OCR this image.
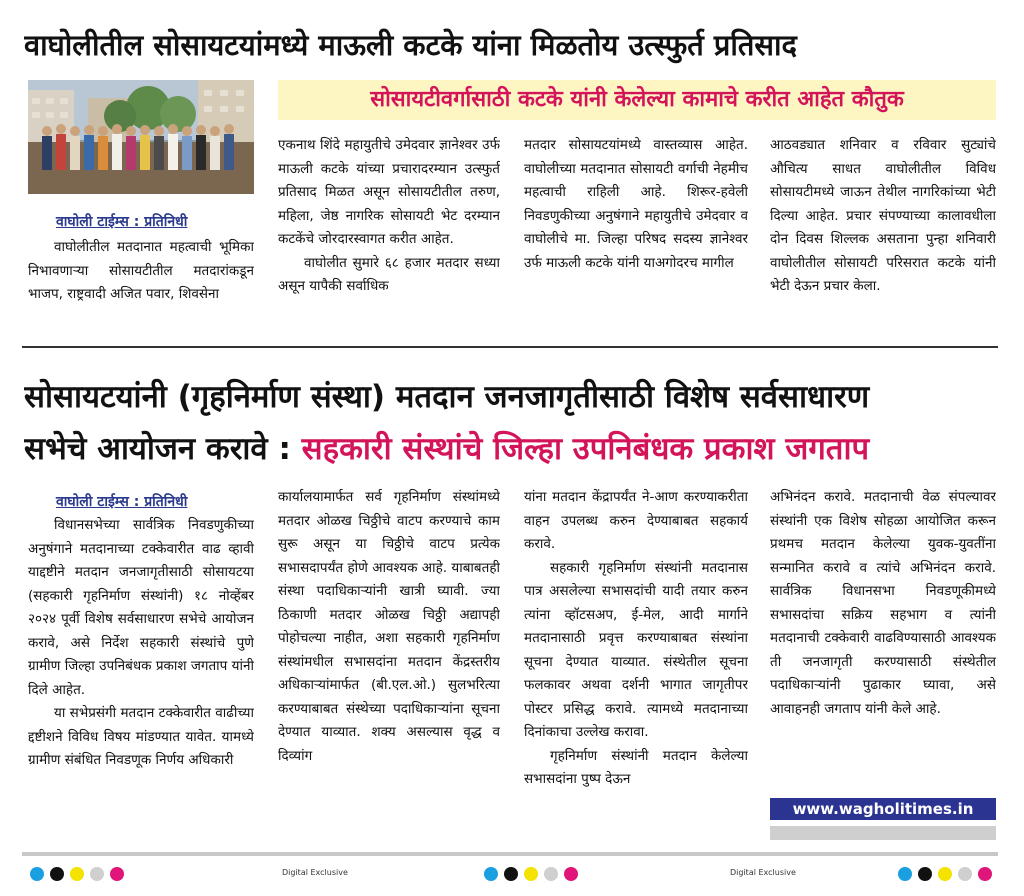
वाघोलीतील सोसायटयांमध्ये माऊली कटके यांना मिळतोय उत्स्फुर्त प्रतिसाद
सोसायटीवर्गासाठी कटके यांनी केलेल्या कामाचे करीत आहेत कौतुक
वाघोली टाईम्स : प्रतिनिधी

वाघोलीतील मतदानात महत्वाची भूमिका निभावणाऱ्या सोसायटीतील मतदारांकडून भाजप, राष्ट्रवादी अजित पवार, शिवसेना

एकनाथ शिंदे महायुतीचे उमेदवार ज्ञानेश्वर उर्फ माऊली कटके यांच्या प्रचारादरम्यान उत्स्फुर्त प्रतिसाद मिळत असून सोसायटीतील तरुण, महिला, जेष्ठ नागरिक सोसायटी भेट दरम्यान कटकेंचे जोरदारस्वागत करीत आहेत.

वाघोलीत सुमारे ६८ हजार मतदार सध्या असून यापैकी सर्वाधिक

मतदार सोसायटयांमध्ये वास्तव्यास आहेत. वाघोलीच्या मतदानात सोसायटी वर्गाची नेहमीच महत्वाची राहिली आहे. शिरूर-हवेली निवडणुकीच्या अनुषंगाने महायुतीचे उमेदवार व वाघोलीचे मा. जिल्हा परिषद सदस्य ज्ञानेश्वर उर्फ माऊली कटके यांनी याअगोदरच मागील

आठवड्यात शनिवार व रविवार सुट्यांचे औचित्य साधत वाघोलीतील विविध सोसायटीमध्ये जाऊन तेथील नागरिकांच्या भेटी दिल्या आहेत. प्रचार संपण्याच्या कालावधीला दोन दिवस शिल्लक असताना पुन्हा शनिवारी वाघोलीतील सोसायटी परिसरात कटके यांनी भेटी देऊन प्रचार केला.

सोसायटयांनी (गृहनिर्माण संस्था) मतदान जनजागृतीसाठी विशेष सर्वसाधारण
सभेचे आयोजन करावे : सहकारी संस्थांचे जिल्हा उपनिबंधक प्रकाश जगताप
वाघोली टाईम्स : प्रतिनिधी

विधानसभेच्या सार्वत्रिक निवडणुकीच्या अनुषंगाने मतदानाच्या टक्केवारीत वाढ व्हावी याद्दष्टीने मतदान जनजागृतीसाठी सोसायटया (सहकारी गृहनिर्माण संस्थांनी) १८ नोव्हेंबर २०२४ पूर्वी विशेष सर्वसाधारण सभेचे आयोजन करावे, असे निर्देश सहकारी संस्थांचे पुणे ग्रामीण जिल्हा उपनिबंधक प्रकाश जगताप यांनी दिले आहेत.

या सभेप्रसंगी मतदान टक्केवारीत वाढीच्या द्दष्टीशने विविध विषय मांडण्यात यावेत. यामध्ये ग्रामीण संबंधित निवडणूक निर्णय अधिकारी

कार्यालयामार्फत सर्व गृहनिर्माण संस्थांमध्ये मतदार ओळख चिठ्ठीचे वाटप करण्याचे काम सुरू असून या चिठ्ठीचे वाटप प्रत्येक सभासदापर्यंत होणे आवश्यक आहे. याबाबतही संस्था पदाधिकाऱ्यांनी खात्री घ्यावी. ज्या ठिकाणी मतदार ओळख चिठ्ठी अद्यापही पोहोचल्या नाहीत, अशा सहकारी गृहनिर्माण संस्थांमधील सभासदांना मतदान केंद्रस्तरीय अधिकाऱ्यांमार्फत (बी.एल.ओ.) सुलभरित्या करण्याबाबत संस्थेच्या पदाधिकाऱ्यांना सूचना देण्यात याव्यात. शक्य असल्यास वृद्ध व दिव्यांग

यांना मतदान केंद्रापर्यंत ने-आण करण्याकरीता वाहन उपलब्ध करुन देण्याबाबत सहकार्य करावे.

सहकारी गृहनिर्माण संस्थांनी मतदानास पात्र असलेल्या सभासदांची यादी तयार करुन त्यांना व्हॉटसअप, ई-मेल, आदी मार्गाने मतदानासाठी प्रवृत्त करण्याबाबत संस्थांना सूचना देण्यात याव्यात. संस्थेतील सूचना फलकावर अथवा दर्शनी भागात जागृतीपर पोस्टर प्रसिद्ध करावे. त्यामध्ये मतदानाच्या दिनांकाचा उल्लेख करावा.

गृहनिर्माण संस्थांनी मतदान केलेल्या सभासदांना पुष्प देऊन

अभिनंदन करावे. मतदानाची वेळ संपल्यावर संस्थांनी एक विशेष सोहळा आयोजित करून प्रथमच मतदान केलेल्या युवक-युवतींना सन्मानित करावे व त्यांचे अभिनंदन करावे. सार्वत्रिक विधानसभा निवडणूकीमध्ये सभासदांचा सक्रिय सहभाग व त्यांनी मतदानाची टक्केवारी वाढविण्यासाठी आवश्यक ती जनजागृती करण्यासाठी संस्थेतील पदाधिकाऱ्यांनी पुढाकार घ्यावा, असे आवाहनही जगताप यांनी केले आहे.

www.wagholitimes.in
Digital Exclusive	Digital Exclusive
